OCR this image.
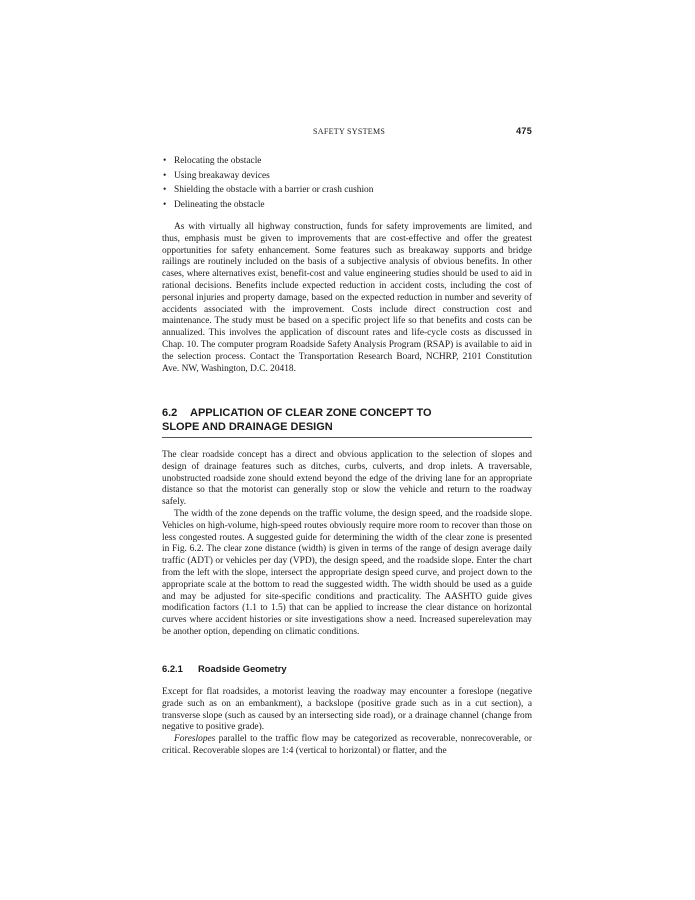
SAFETY SYSTEMS	475
• Relocating the obstacle
• Using breakaway devices
• Shielding the obstacle with a barrier or crash cushion
• Delineating the obstacle

As with virtually all highway construction, funds for safety improvements are limited, and thus, emphasis must be given to improvements that are cost-effective and offer the greatest opportunities for safety enhancement. Some features such as breakaway supports and bridge railings are routinely included on the basis of a subjective analysis of obvious benefits. In other cases, where alternatives exist, benefit-cost and value engineering studies should be used to aid in rational decisions. Benefits include expected reduction in accident costs, including the cost of personal injuries and property damage, based on the expected reduction in number and severity of accidents associated with the improvement. Costs include direct construction cost and maintenance. The study must be based on a specific project life so that benefits and costs can be annualized. This involves the application of discount rates and life-cycle costs as discussed in Chap. 10. The computer program Roadside Safety Analysis Program (RSAP) is available to aid in the selection process. Contact the Transportation Research Board, NCHRP, 2101 Constitution Ave. NW, Washington, D.C. 20418.

6.2 APPLICATION OF CLEAR ZONE CONCEPT TO
SLOPE AND DRAINAGE DESIGN

The clear roadside concept has a direct and obvious application to the selection of slopes and design of drainage features such as ditches, curbs, culverts, and drop inlets. A traversable, unobstructed roadside zone should extend beyond the edge of the driving lane for an appropriate distance so that the motorist can generally stop or slow the vehicle and return to the roadway safely.

The width of the zone depends on the traffic volume, the design speed, and the roadside slope. Vehicles on high-volume, high-speed routes obviously require more room to recover than those on less congested routes. A suggested guide for determining the width of the clear zone is presented in Fig. 6.2. The clear zone distance (width) is given in terms of the range of design average daily traffic (ADT) or vehicles per day (VPD), the design speed, and the roadside slope. Enter the chart from the left with the slope, intersect the appropriate design speed curve, and project down to the appropriate scale at the bottom to read the suggested width. The width should be used as a guide and may be adjusted for site-specific conditions and practicality. The AASHTO guide gives modification factors (1.1 to 1.5) that can be applied to increase the clear distance on horizontal curves where accident histories or site investigations show a need. Increased superelevation may be another option, depending on climatic conditions.

6.2.1 Roadside Geometry

Except for flat roadsides, a motorist leaving the roadway may encounter a foreslope (negative grade such as on an embankment), a backslope (positive grade such as in a cut section), a transverse slope (such as caused by an intersecting side road), or a drainage channel (change from negative to positive grade).

Foreslopes parallel to the traffic flow may be categorized as recoverable, nonrecoverable, or critical. Recoverable slopes are 1:4 (vertical to horizontal) or flatter, and the
